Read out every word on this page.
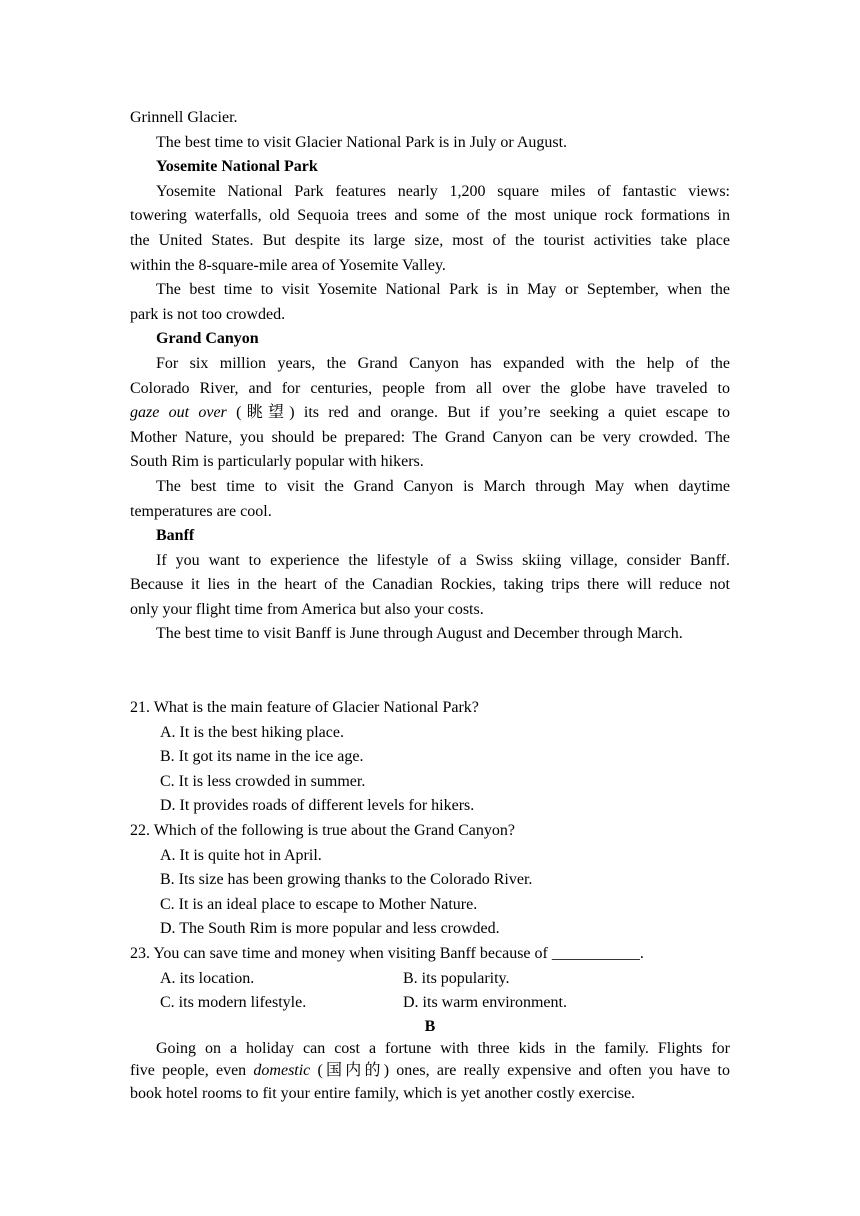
Grinnell Glacier.
The best time to visit Glacier National Park is in July or August.
Yosemite National Park
Yosemite National Park features nearly 1,200 square miles of fantastic views:
towering waterfalls, old Sequoia trees and some of the most unique rock formations in
the United States. But despite its large size, most of the tourist activities take place
within the 8-square-mile area of Yosemite Valley.
The best time to visit Yosemite National Park is in May or September, when the
park is not too crowded.
Grand Canyon
For six million years, the Grand Canyon has expanded with the help of the
Colorado River, and for centuries, people from all over the globe have traveled to
gaze out over (眺望) its red and orange. But if you’re seeking a quiet escape to
Mother Nature, you should be prepared: The Grand Canyon can be very crowded. The
South Rim is particularly popular with hikers.
The best time to visit the Grand Canyon is March through May when daytime
temperatures are cool.
Banff
If you want to experience the lifestyle of a Swiss skiing village, consider Banff.
Because it lies in the heart of the Canadian Rockies, taking trips there will reduce not
only your flight time from America but also your costs.
The best time to visit Banff is June through August and December through March.
21. What is the main feature of Glacier National Park?
A. It is the best hiking place.
B. It got its name in the ice age.
C. It is less crowded in summer.
D. It provides roads of different levels for hikers.
22. Which of the following is true about the Grand Canyon?
A. It is quite hot in April.
B. Its size has been growing thanks to the Colorado River.
C. It is an ideal place to escape to Mother Nature.
D. The South Rim is more popular and less crowded.
23. You can save time and money when visiting Banff because of ___________.
A. its location.	B. its popularity.
C. its modern lifestyle.	D. its warm environment.
B
Going on a holiday can cost a fortune with three kids in the family. Flights for
five people, even domestic (国内的) ones, are really expensive and often you have to
book hotel rooms to fit your entire family, which is yet another costly exercise.
